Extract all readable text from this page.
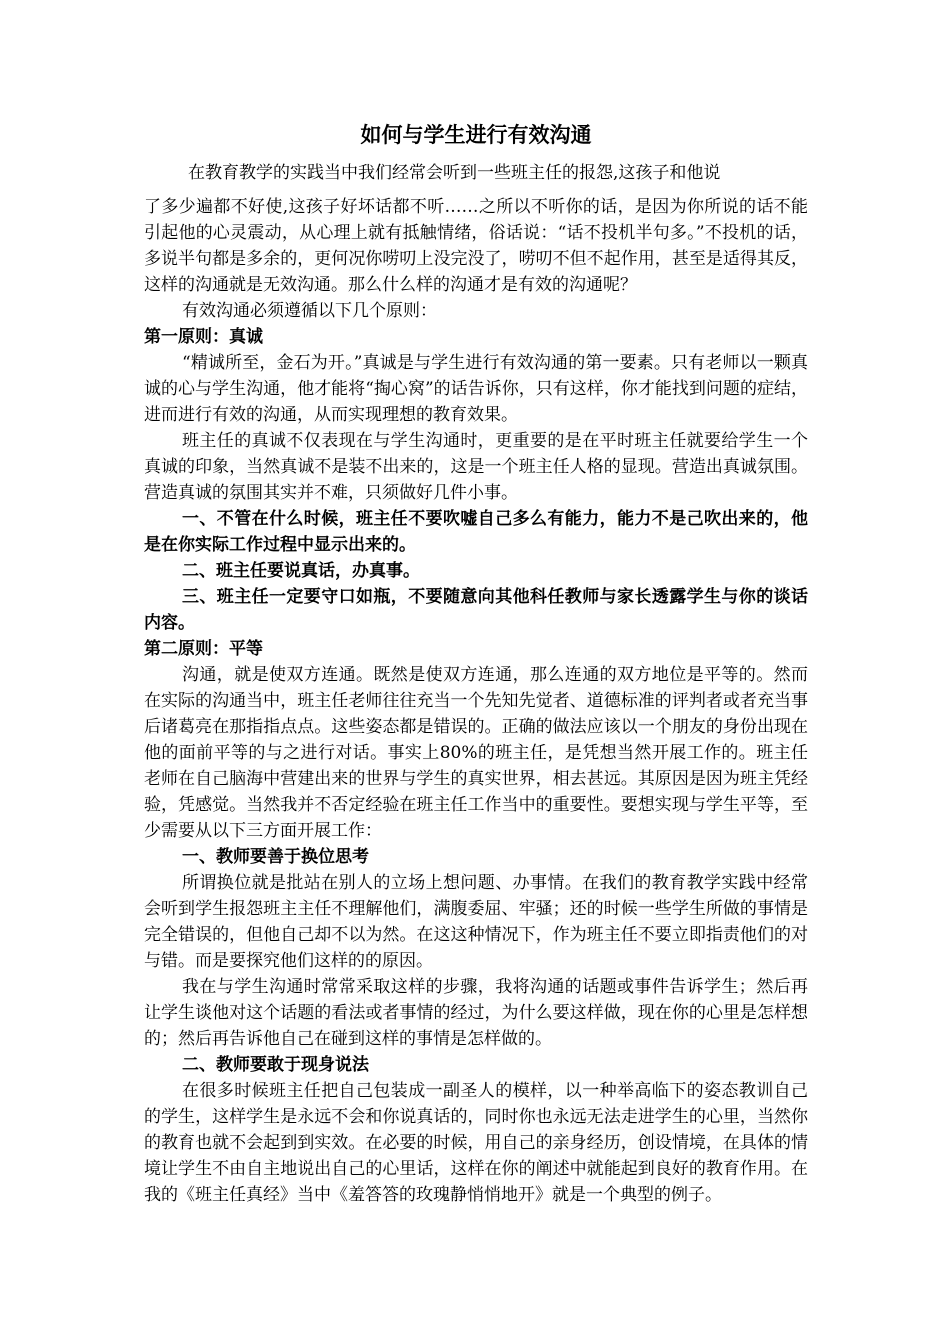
如何与学生进行有效沟通
在教育教学的实践当中我们经常会听到一些班主任的报怨,这孩子和他说

了多少遍都不好使,这孩子好坏话都不听……之所以不听你的话，是因为你所说的话不能引起他的心灵震动，从心理上就有抵触情绪，俗话说：“话不投机半句多。”不投机的话，多说半句都是多余的，更何况你唠叨上没完没了，唠叨不但不起作用，甚至是适得其反，这样的沟通就是无效沟通。那么什么样的沟通才是有效的沟通呢？

有效沟通必须遵循以下几个原则：

第一原则：真诚

“精诚所至，金石为开。”真诚是与学生进行有效沟通的第一要素。只有老师以一颗真诚的心与学生沟通，他才能将“掏心窝”的话告诉你，只有这样，你才能找到问题的症结，进而进行有效的沟通，从而实现理想的教育效果。

班主任的真诚不仅表现在与学生沟通时，更重要的是在平时班主任就要给学生一个真诚的印象，当然真诚不是装不出来的，这是一个班主任人格的显现。营造出真诚氛围。营造真诚的氛围其实并不难，只须做好几件小事。

一、不管在什么时候，班主任不要吹嘘自己多么有能力，能力不是己吹出来的，他是在你实际工作过程中显示出来的。
二、班主任要说真话，办真事。
三、班主任一定要守口如瓶，不要随意向其他科任教师与家长透露学生与你的谈话内容。
第二原则：平等

沟通，就是使双方连通。既然是使双方连通，那么连通的双方地位是平等的。然而在实际的沟通当中，班主任老师往往充当一个先知先觉者、道德标准的评判者或者充当事后诸葛亮在那指指点点。这些姿态都是错误的。正确的做法应该以一个朋友的身份出现在他的面前平等的与之进行对话。事实上80%的班主任，是凭想当然开展工作的。班主任老师在自己脑海中营建出来的世界与学生的真实世界，相去甚远。其原因是因为班主凭经验，凭感觉。当然我并不否定经验在班主任工作当中的重要性。要想实现与学生平等，至少需要从以下三方面开展工作：

一、教师要善于换位思考

所谓换位就是批站在别人的立场上想问题、办事情。在我们的教育教学实践中经常会听到学生报怨班主主任不理解他们，满腹委屈、牢骚；还的时候一些学生所做的事情是完全错误的，但他自己却不以为然。在这这种情况下，作为班主任不要立即指责他们的对与错。而是要探究他们这样的的原因。

我在与学生沟通时常常采取这样的步骤，我将沟通的话题或事件告诉学生；然后再让学生谈他对这个话题的看法或者事情的经过，为什么要这样做，现在你的心里是怎样想的；然后再告诉他自己在碰到这样的事情是怎样做的。

二、教师要敢于现身说法

在很多时候班主任把自己包装成一副圣人的模样，以一种举高临下的姿态教训自己的学生，这样学生是永远不会和你说真话的，同时你也永远无法走进学生的心里，当然你的教育也就不会起到到实效。在必要的时候，用自己的亲身经历，创设情境，在具体的情境让学生不由自主地说出自己的心里话，这样在你的阐述中就能起到良好的教育作用。在我的《班主任真经》当中《羞答答的玫瑰静悄悄地开》就是一个典型的例子。
